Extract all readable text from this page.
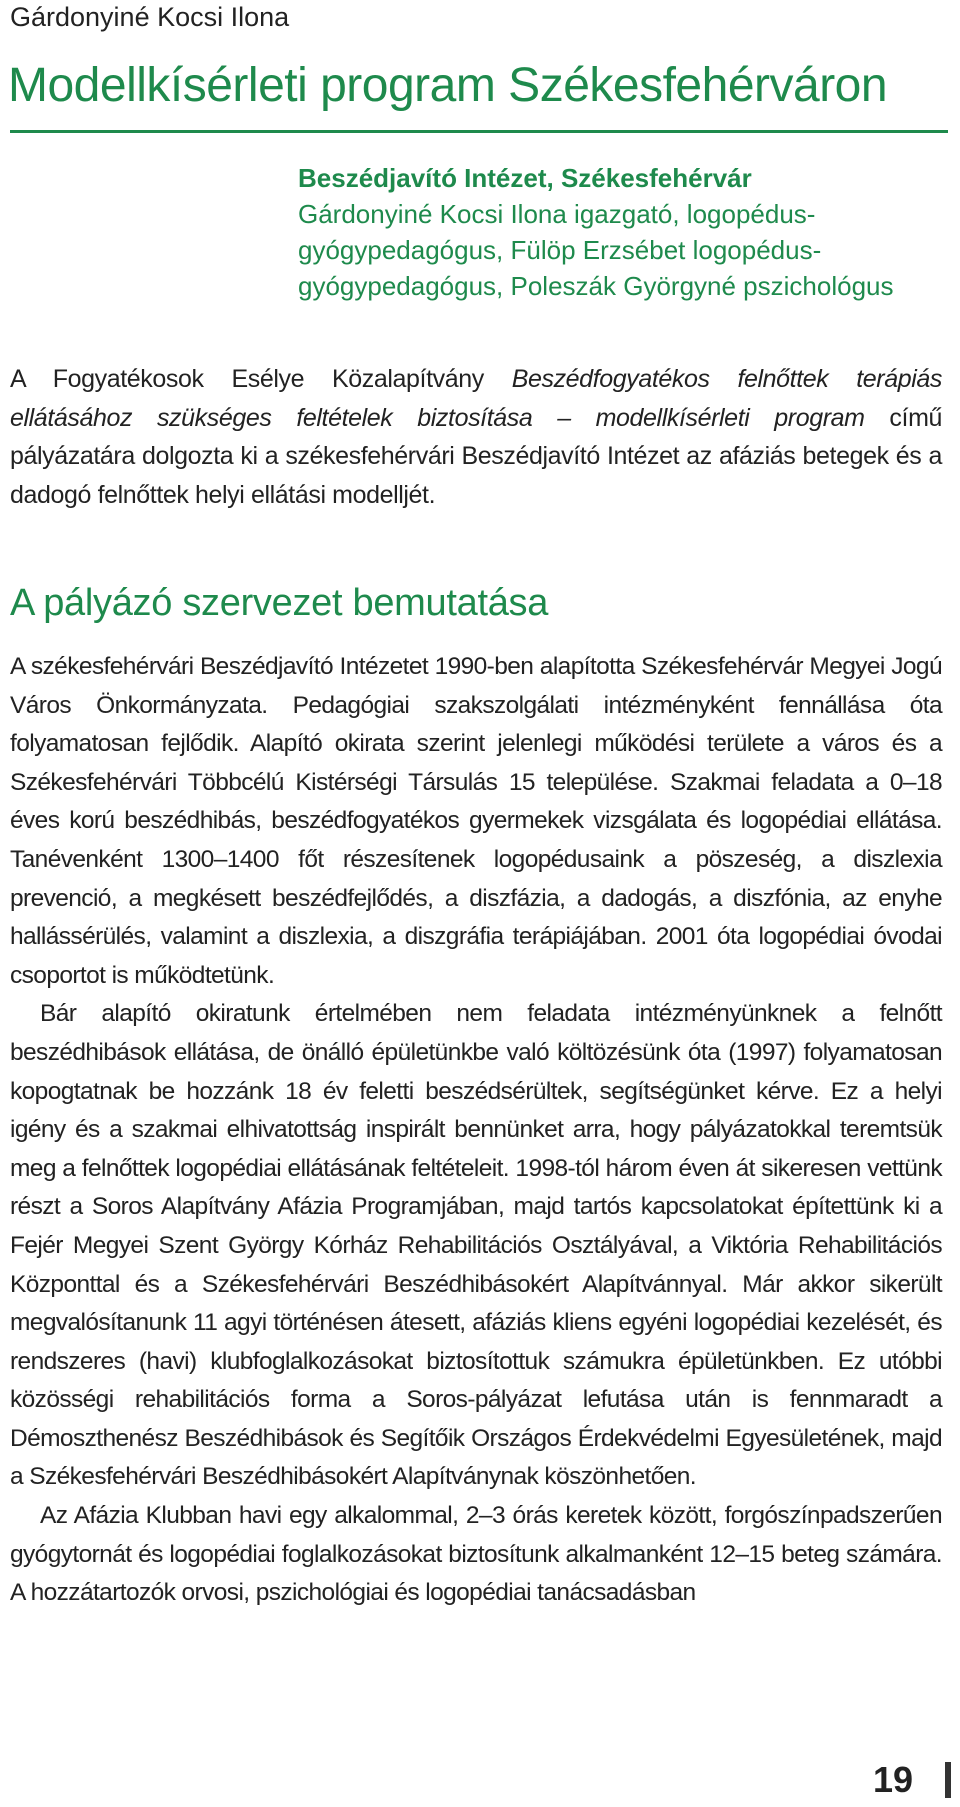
Gárdonyiné Kocsi Ilona
Modellkísérleti program Székesfehérváron
Beszédjavító Intézet, Székesfehérvár
Gárdonyiné Kocsi Ilona igazgató, logopédus-gyógypedagógus, Fülöp Erzsébet logopédus-gyógypedagógus, Poleszák Györgyné pszichológus
A Fogyatékosok Esélye Közalapítvány Beszédfogyatékos felnőttek terápiás ellátásához szükséges feltételek biztosítása – modellkísérleti program című pályázatára dolgozta ki a székesfehérvári Beszédjavító Intézet az afáziás betegek és a dadogó felnőttek helyi ellátási modelljét.
A pályázó szervezet bemutatása

A székesfehérvári Beszédjavító Intézetet 1990-ben alapította Székesfehérvár Megyei Jogú Város Önkormányzata. Pedagógiai szakszolgálati intézményként fennállása óta folyamatosan fejlődik. Alapító okirata szerint jelenlegi működési területe a város és a Székesfehérvári Többcélú Kistérségi Társulás 15 települése. Szakmai feladata a 0–18 éves korú beszédhibás, beszédfogyatékos gyermekek vizsgálata és logopédiai ellátása. Tanévenként 1300–1400 főt részesítenek logopédusaink a pöszeség, a diszlexia prevenció, a megkésett beszédfejlődés, a diszfázia, a dadogás, a diszfónia, az enyhe hallássérülés, valamint a diszlexia, a diszgráfia terápiájában. 2001 óta logopédiai óvodai csoportot is működtetünk.

Bár alapító okiratunk értelmében nem feladata intézményünknek a felnőtt beszédhibások ellátása, de önálló épületünkbe való költözésünk óta (1997) folyamatosan kopogtatnak be hozzánk 18 év feletti beszédsérültek, segítségünket kérve. Ez a helyi igény és a szakmai elhivatottság inspirált bennünket arra, hogy pályázatokkal teremtsük meg a felnőttek logopédiai ellátásának feltételeit. 1998-tól három éven át sikeresen vettünk részt a Soros Alapítvány Afázia Programjában, majd tartós kapcsolatokat építettünk ki a Fejér Megyei Szent György Kórház Rehabilitációs Osztályával, a Viktória Rehabilitációs Központtal és a Székesfehérvári Beszédhibásokért Alapítvánnyal. Már akkor sikerült megvalósítanunk 11 agyi történésen átesett, afáziás kliens egyéni logopédiai kezelését, és rendszeres (havi) klubfoglalkozásokat biztosítottuk számukra épületünkben. Ez utóbbi közösségi rehabilitációs forma a Soros-pályázat lefutása után is fennmaradt a Démoszthenész Beszédhibások és Segítőik Országos Érdekvédelmi Egyesületének, majd a Székesfehérvári Beszédhibásokért Alapítványnak köszönhetően.

Az Afázia Klubban havi egy alkalommal, 2–3 órás keretek között, forgószínpadszerűen gyógytornát és logopédiai foglalkozásokat biztosítunk alkalmanként 12–15 beteg számára. A hozzátartozók orvosi, pszichológiai és logopédiai tanácsadásban

19
